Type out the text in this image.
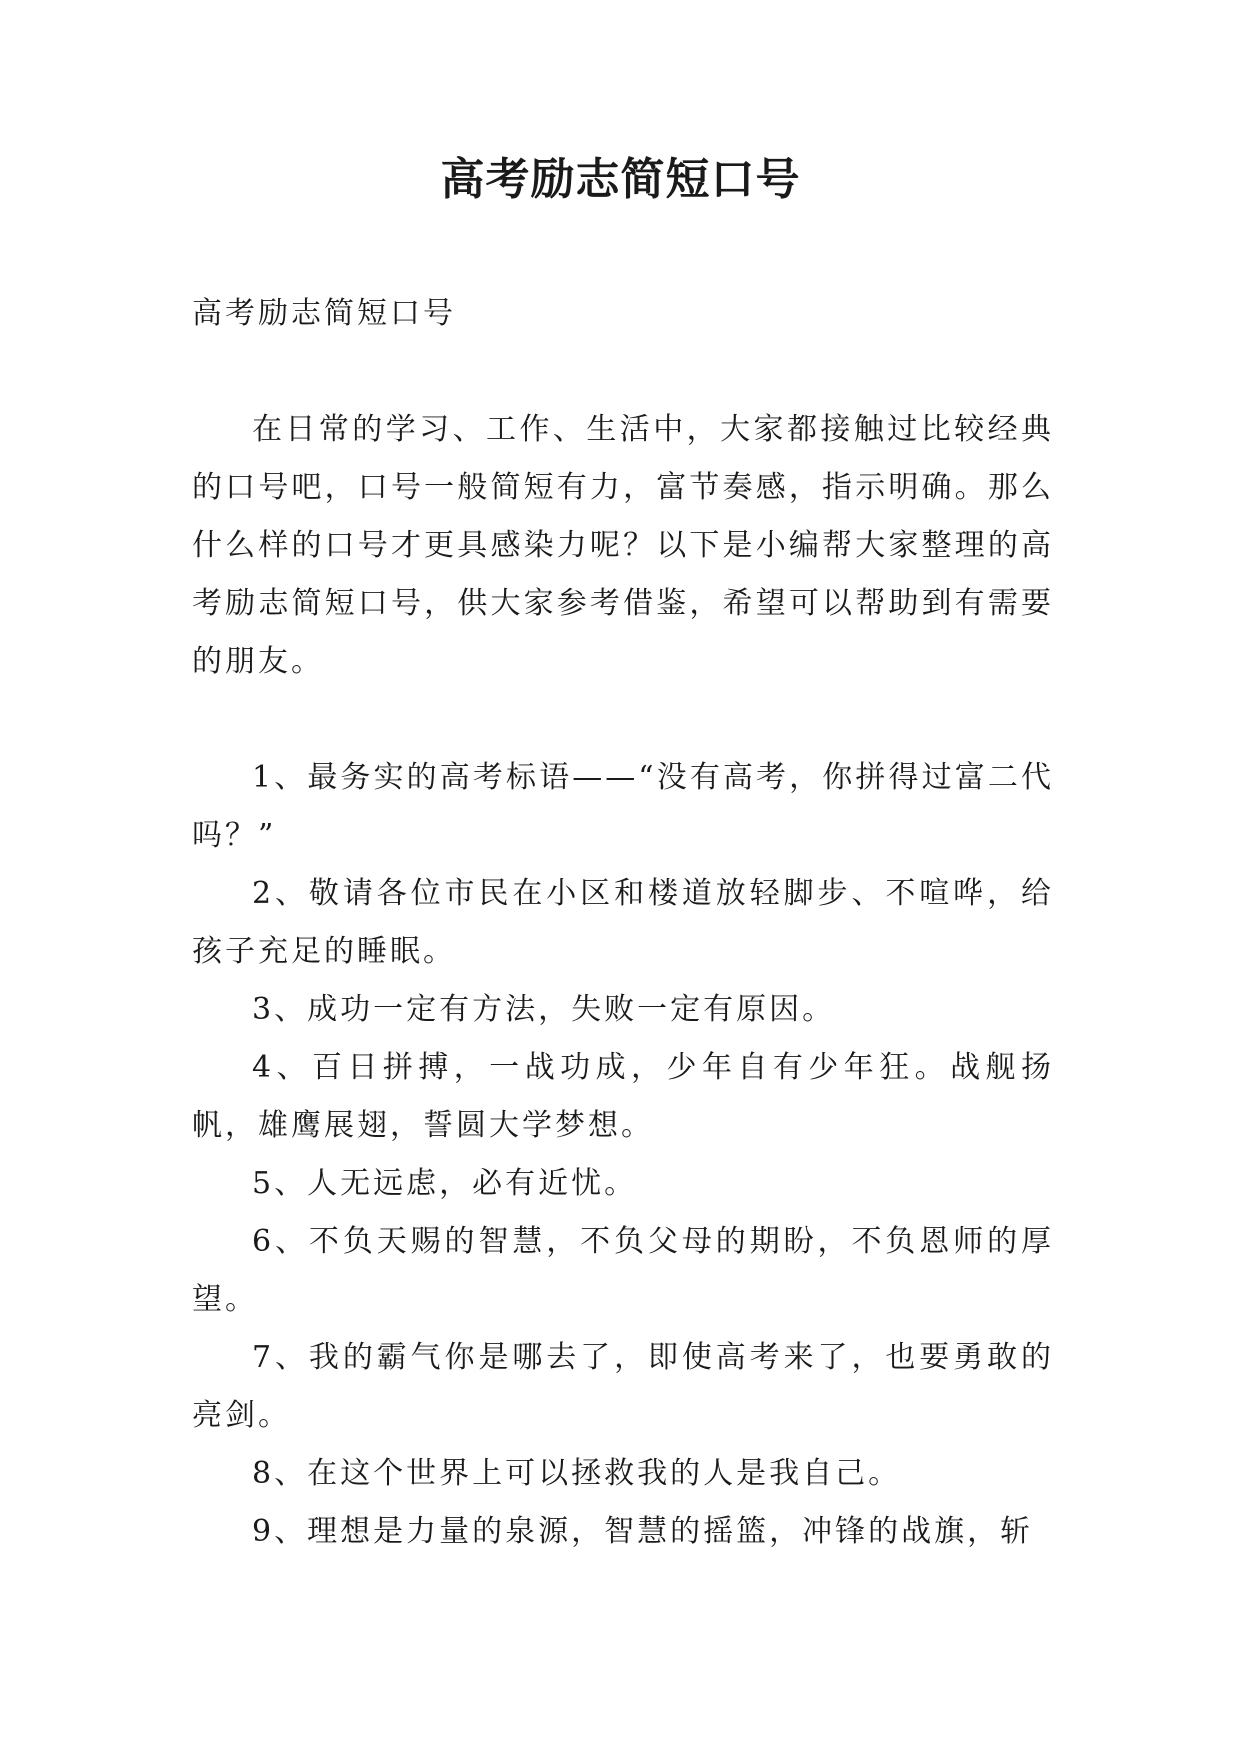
高考励志简短口号

高考励志简短口号

在日常的学习、工作、生活中，大家都接触过比较经典的口号吧，口号一般简短有力，富节奏感，指示明确。那么什么样的口号才更具感染力呢？以下是小编帮大家整理的高考励志简短口号，供大家参考借鉴，希望可以帮助到有需要的朋友。

1、最务实的高考标语——“没有高考，你拼得过富二代吗？”
2、敬请各位市民在小区和楼道放轻脚步、不喧哗，给孩子充足的睡眠。
3、成功一定有方法，失败一定有原因。
4、百日拼搏，一战功成，少年自有少年狂。战舰扬帆，雄鹰展翅，誓圆大学梦想。
5、人无远虑，必有近忧。
6、不负天赐的智慧，不负父母的期盼，不负恩师的厚望。
7、我的霸气你是哪去了，即使高考来了，也要勇敢的亮剑。
8、在这个世界上可以拯救我的人是我自己。
9、理想是力量的泉源，智慧的摇篮，冲锋的战旗，斩
